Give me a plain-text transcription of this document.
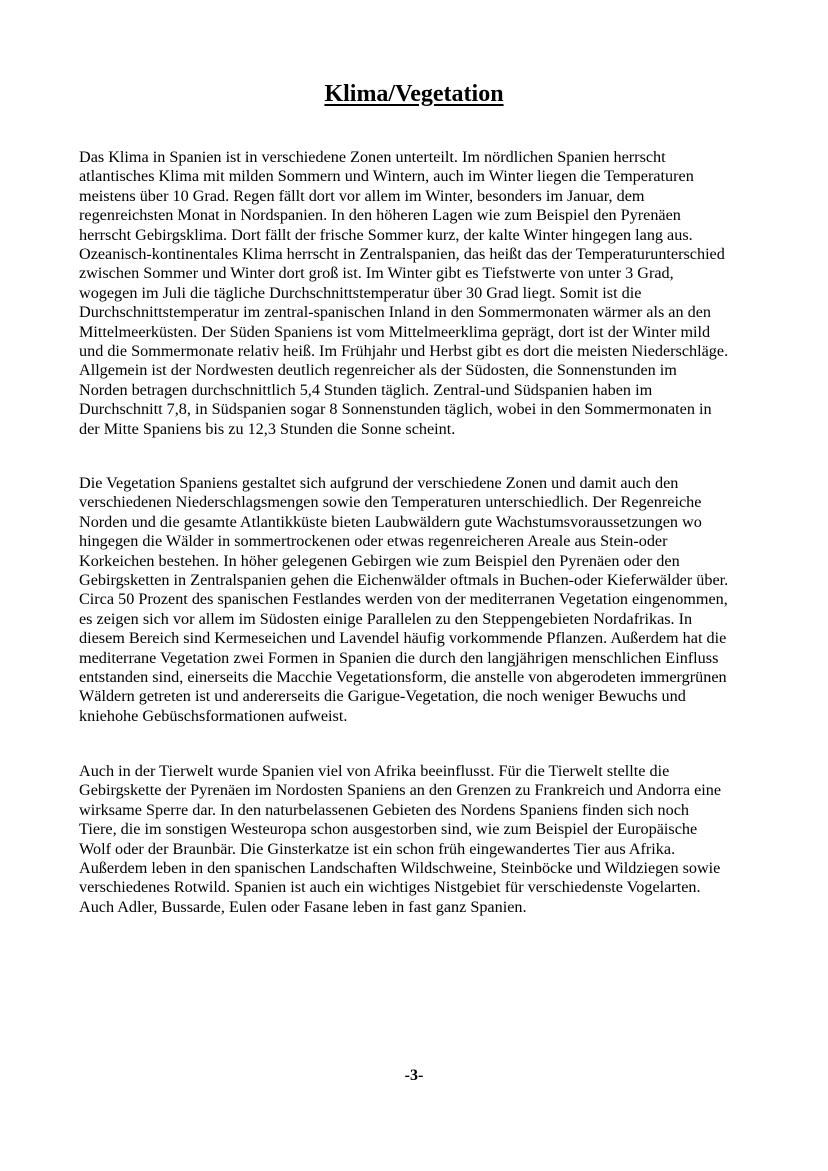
Klima/Vegetation
Das Klima in Spanien ist in verschiedene Zonen unterteilt. Im nördlichen Spanien herrscht
atlantisches Klima mit milden Sommern und Wintern, auch im Winter liegen die Temperaturen
meistens über 10 Grad. Regen fällt dort vor allem im Winter, besonders im Januar, dem
regenreichsten Monat in Nordspanien. In den höheren Lagen wie zum Beispiel den Pyrenäen
herrscht Gebirgsklima. Dort fällt der frische Sommer kurz, der kalte Winter hingegen lang aus.
Ozeanisch-kontinentales Klima herrscht in Zentralspanien, das heißt das der Temperaturunterschied
zwischen Sommer und Winter dort groß ist. Im Winter gibt es Tiefstwerte von unter 3 Grad,
wogegen im Juli die tägliche Durchschnittstemperatur über 30 Grad liegt. Somit ist die
Durchschnittstemperatur im zentral-spanischen Inland in den Sommermonaten wärmer als an den
Mittelmeerküsten. Der Süden Spaniens ist vom Mittelmeerklima geprägt, dort ist der Winter mild
und die Sommermonate relativ heiß. Im Frühjahr und Herbst gibt es dort die meisten Niederschläge.
Allgemein ist der Nordwesten deutlich regenreicher als der Südosten, die Sonnenstunden im
Norden betragen durchschnittlich 5,4 Stunden täglich. Zentral-und Südspanien haben im
Durchschnitt 7,8, in Südspanien sogar 8 Sonnenstunden täglich, wobei in den Sommermonaten in
der Mitte Spaniens bis zu 12,3 Stunden die Sonne scheint.
Die Vegetation Spaniens gestaltet sich aufgrund der verschiedene Zonen und damit auch den
verschiedenen Niederschlagsmengen sowie den Temperaturen unterschiedlich. Der Regenreiche
Norden und die gesamte Atlantikküste bieten Laubwäldern gute Wachstumsvoraussetzungen wo
hingegen die Wälder in sommertrockenen oder etwas regenreicheren Areale aus Stein-oder
Korkeichen bestehen. In höher gelegenen Gebirgen wie zum Beispiel den Pyrenäen oder den
Gebirgsketten in Zentralspanien gehen die Eichenwälder oftmals in Buchen-oder Kieferwälder über.
Circa 50 Prozent des spanischen Festlandes werden von der mediterranen Vegetation eingenommen,
es zeigen sich vor allem im Südosten einige Parallelen zu den Steppengebieten Nordafrikas. In
diesem Bereich sind Kermeseichen und Lavendel häufig vorkommende Pflanzen. Außerdem hat die
mediterrane Vegetation zwei Formen in Spanien die durch den langjährigen menschlichen Einfluss
entstanden sind, einerseits die Macchie Vegetationsform, die anstelle von abgerodeten immergrünen
Wäldern getreten ist und andererseits die Garigue-Vegetation, die noch weniger Bewuchs und
kniehohe Gebüschsformationen aufweist.
Auch in der Tierwelt wurde Spanien viel von Afrika beeinflusst. Für die Tierwelt stellte die
Gebirgskette der Pyrenäen im Nordosten Spaniens an den Grenzen zu Frankreich und Andorra eine
wirksame Sperre dar. In den naturbelassenen Gebieten des Nordens Spaniens finden sich noch
Tiere, die im sonstigen Westeuropa schon ausgestorben sind, wie zum Beispiel der Europäische
Wolf oder der Braunbär. Die Ginsterkatze ist ein schon früh eingewandertes Tier aus Afrika.
Außerdem leben in den spanischen Landschaften Wildschweine, Steinböcke und Wildziegen sowie
verschiedenes Rotwild. Spanien ist auch ein wichtiges Nistgebiet für verschiedenste Vogelarten.
Auch Adler, Bussarde, Eulen oder Fasane leben in fast ganz Spanien.
-3-
